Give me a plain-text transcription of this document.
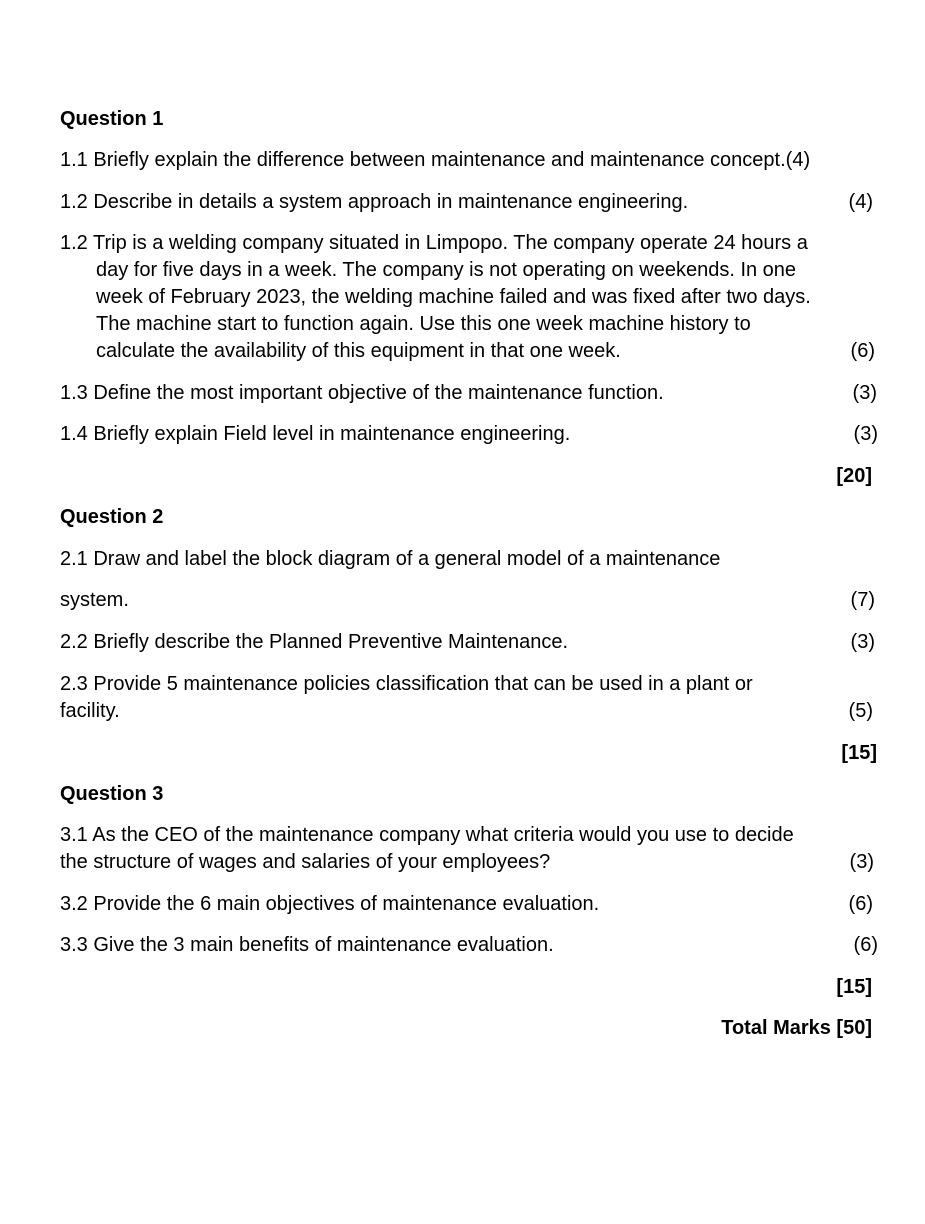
Question 1
1.1 Briefly explain the difference between maintenance and maintenance concept.(4)
1.2 Describe in details a system approach in maintenance engineering.	(4)
1.2 Trip is a welding company situated in Limpopo. The company operate 24 hours a
day for five days in a week. The company is not operating on weekends. In one
week of February 2023, the welding machine failed and was fixed after two days.
The machine start to function again. Use this one week machine history to
calculate the availability of this equipment in that one week.	(6)
1.3 Define the most important objective of the maintenance function.	(3)
1.4 Briefly explain Field level in maintenance engineering.	(3)
[20]
Question 2
2.1 Draw and label the block diagram of a general model of a maintenance
system.	(7)
2.2 Briefly describe the Planned Preventive Maintenance.	(3)
2.3 Provide 5 maintenance policies classification that can be used in a plant or
facility.	(5)
[15]
Question 3
3.1 As the CEO of the maintenance company what criteria would you use to decide
the structure of wages and salaries of your employees?	(3)
3.2 Provide the 6 main objectives of maintenance evaluation.	(6)
3.3 Give the 3 main benefits of maintenance evaluation.	(6)
[15]
Total Marks [50]
